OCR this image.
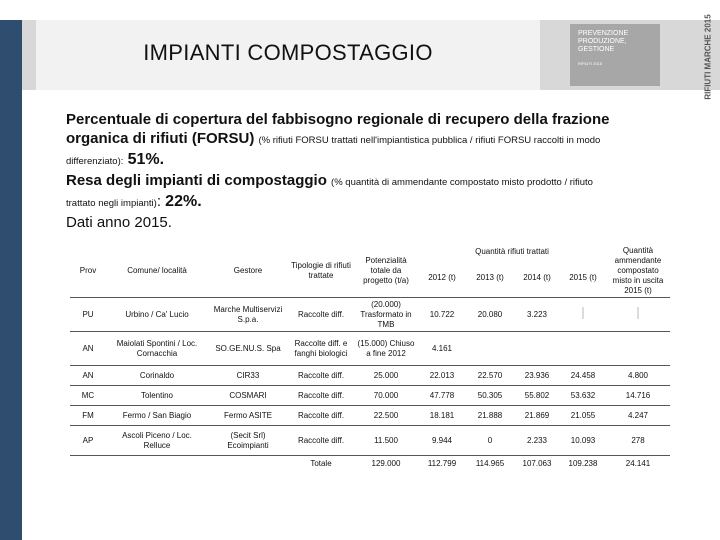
IMPIANTI COMPOSTAGGIO
PREVENZIONE
PRODUZIONE,
GESTIONE
RIFIUTI 2015	RIFIUTI MARCHE 2015

Percentuale di copertura del fabbisogno regionale di recupero della frazione

organica di rifiuti (FORSU) (% rifiuti FORSU trattati nell'impiantistica pubblica / rifiuti FORSU raccolti in modo

differenziato): 51%.

Resa degli impianti di compostaggio (% quantità di ammendante compostato misto prodotto / rifiuto

trattato negli impianti): 22%.

Dati anno 2015.

Prov	Comune/ località	Gestore	Tipologie di rifiuti trattate	Potenzialità totale da progetto (t/a)	Quantità rifiuti trattati				Quantità ammendante compostato misto in uscita 2015 (t)
					2012 (t)	2013 (t)	2014 (t)	2015 (t)	
PU	Urbino / Ca' Lucio	Marche Multiservizi S.p.a.	Raccolte diff.	(20.000) Trasformato in TMB	10.722	20.080	3.223		
AN	Maiolati Spontini / Loc. Cornacchia	SO.GE.NU.S. Spa	Raccolte diff. e fanghi biologici	(15.000) Chiuso a fine 2012	4.161				
AN	Corinaldo	CIR33	Raccolte diff.	25.000	22.013	22.570	23.936	24.458	4.800
MC	Tolentino	COSMARI	Raccolte diff.	70.000	47.778	50.305	55.802	53.632	14.716
FM	Fermo / San Biagio	Fermo ASITE	Raccolte diff.	22.500	18.181	21.888	21.869	21.055	4.247
AP	Ascoli Piceno / Loc. Relluce	(Secit Srl) Ecoimpianti	Raccolte diff.	11.500	9.944	0	2.233	10.093	278
			Totale	129.000	112.799	114.965	107.063	109.238	24.141
